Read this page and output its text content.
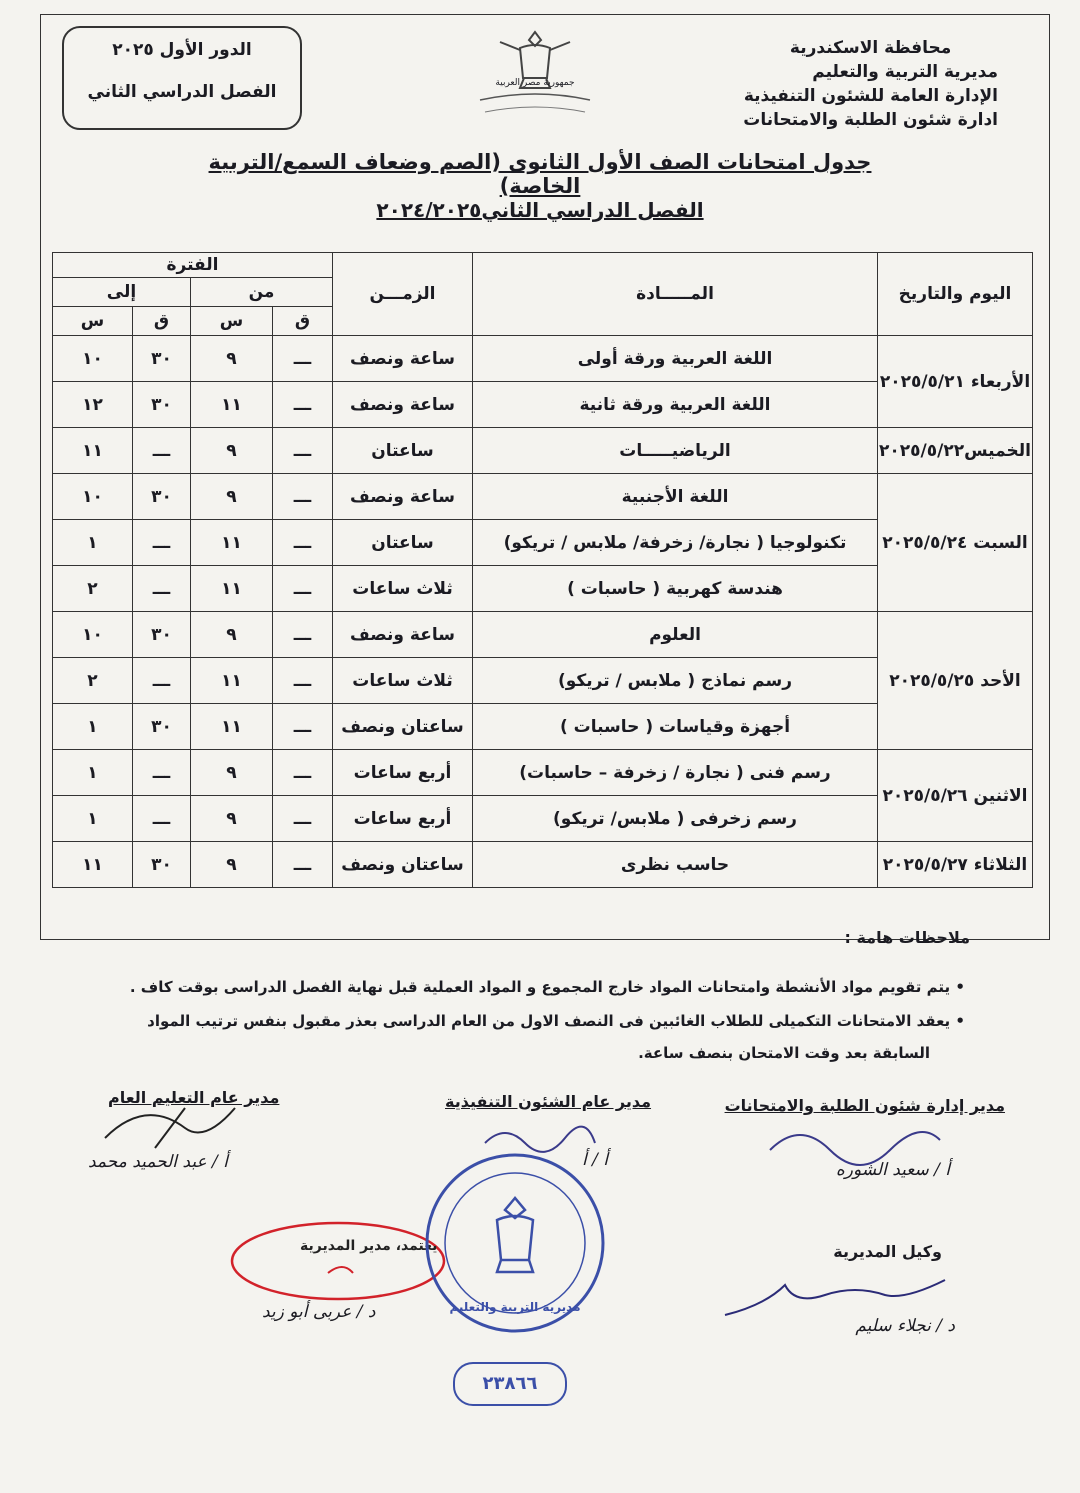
محافظة الاسكندرية
مديرية التربية والتعليم
الإدارة العامة للشئون التنفيذية
ادارة شئون الطلبة والامتحانات
جمهورية مصر العربية
الدور الأول ٢٠٢٥
الفصل الدراسي الثاني
جدول امتحانات الصف الأول الثانوى (الصم وضعاف السمع/التربية الخاصة)
الفصل الدراسي الثاني٢٠٢٤/٢٠٢٥
اليوم والتاريخ	المـــــادة	الزمـــن	الفترة			
			من		إلى	
			ق	س	ق	س
الأربعاء ٢٠٢٥/٥/٢١	اللغة العربية ورقة أولى	ساعة ونصف	ـــ	٩	٣٠	١٠
	اللغة العربية ورقة ثانية	ساعة ونصف	ـــ	١١	٣٠	١٢
الخميس٢٠٢٥/٥/٢٢	الرياضيـــــات	ساعتان	ـــ	٩	ـــ	١١
السبت ٢٠٢٥/٥/٢٤	اللغة الأجنبية	ساعة ونصف	ـــ	٩	٣٠	١٠
	تكنولوجيا ( نجارة/ زخرفة/ ملابس / تريكو)	ساعتان	ـــ	١١	ـــ	١
	هندسة كهربية ( حاسبات )	ثلاث ساعات	ـــ	١١	ـــ	٢
الأحد ٢٠٢٥/٥/٢٥	العلوم	ساعة ونصف	ـــ	٩	٣٠	١٠
	رسم نماذج ( ملابس / تريكو)	ثلاث ساعات	ـــ	١١	ـــ	٢
	أجهزة وقياسات ( حاسبات )	ساعتان ونصف	ـــ	١١	٣٠	١
الاثنين ٢٠٢٥/٥/٢٦	رسم فنى ( نجارة / زخرفة – حاسبات)	أربع ساعات	ـــ	٩	ـــ	١
	رسم زخرفى ( ملابس/ تريكو)	أربع ساعات	ـــ	٩	ـــ	١
الثلاثاء ٢٠٢٥/٥/٢٧	حاسب نظرى	ساعتان ونصف	ـــ	٩	٣٠	١١
ملاحظات هامة :
• يتم تقويم مواد الأنشطة وامتحانات المواد خارج المجموع و المواد العملية قبل نهاية الفصل الدراسى بوقت كاف .
• يعقد الامتحانات التكميلى للطلاب الغائبين فى النصف الاول من العام الدراسى بعذر مقبول بنفس ترتيب المواد
السابقة بعد وقت الامتحان بنصف ساعة.
مدير إدارة شئون الطلبة والامتحانات
مدير عام الشئون التنفيذية
مدير عام التعليم العام
أ / سعيد الشوره
أ / أ
أ / عبد الحميد محمد
وكيل المديرية
د / نجلاء سليم
يعتمد، مدير المديرية
د / عربى أبو زيد	مديرية التربية والتعليم
٢٣٨٦٦
